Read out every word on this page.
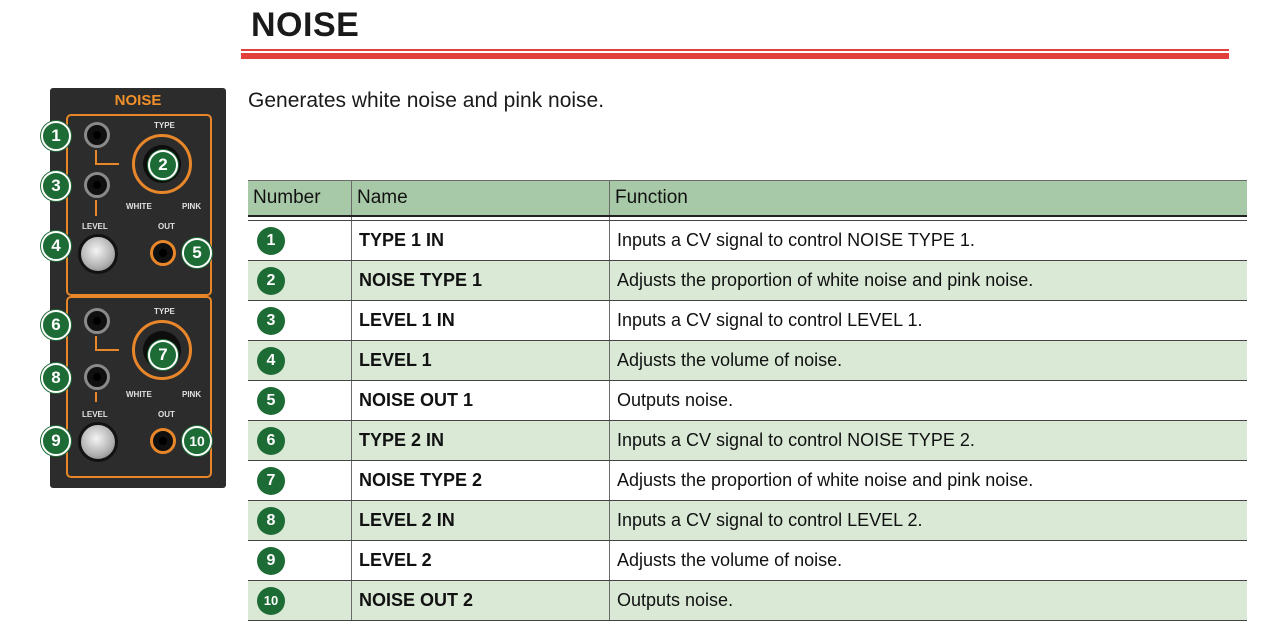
NOISE
Generates white noise and pink noise.
NOISE
TYPE
WHITE	PINK
LEVEL	OUT
TYPE
WHITE	PINK
LEVEL	OUT
1
2
3
4	5
6
7
8
9	10
Number	Name	Function

1	TYPE 1 IN	Inputs a CV signal to control NOISE TYPE 1.

2	NOISE TYPE 1	Adjusts the proportion of white noise and pink noise.

3	LEVEL 1 IN	Inputs a CV signal to control LEVEL 1.

4	LEVEL 1	Adjusts the volume of noise.

5	NOISE OUT 1	Outputs noise.

6	TYPE 2 IN	Inputs a CV signal to control NOISE TYPE 2.

7	NOISE TYPE 2	Adjusts the proportion of white noise and pink noise.

8	LEVEL 2 IN	Inputs a CV signal to control LEVEL 2.

9	LEVEL 2	Adjusts the volume of noise.

10	NOISE OUT 2	Outputs noise.
